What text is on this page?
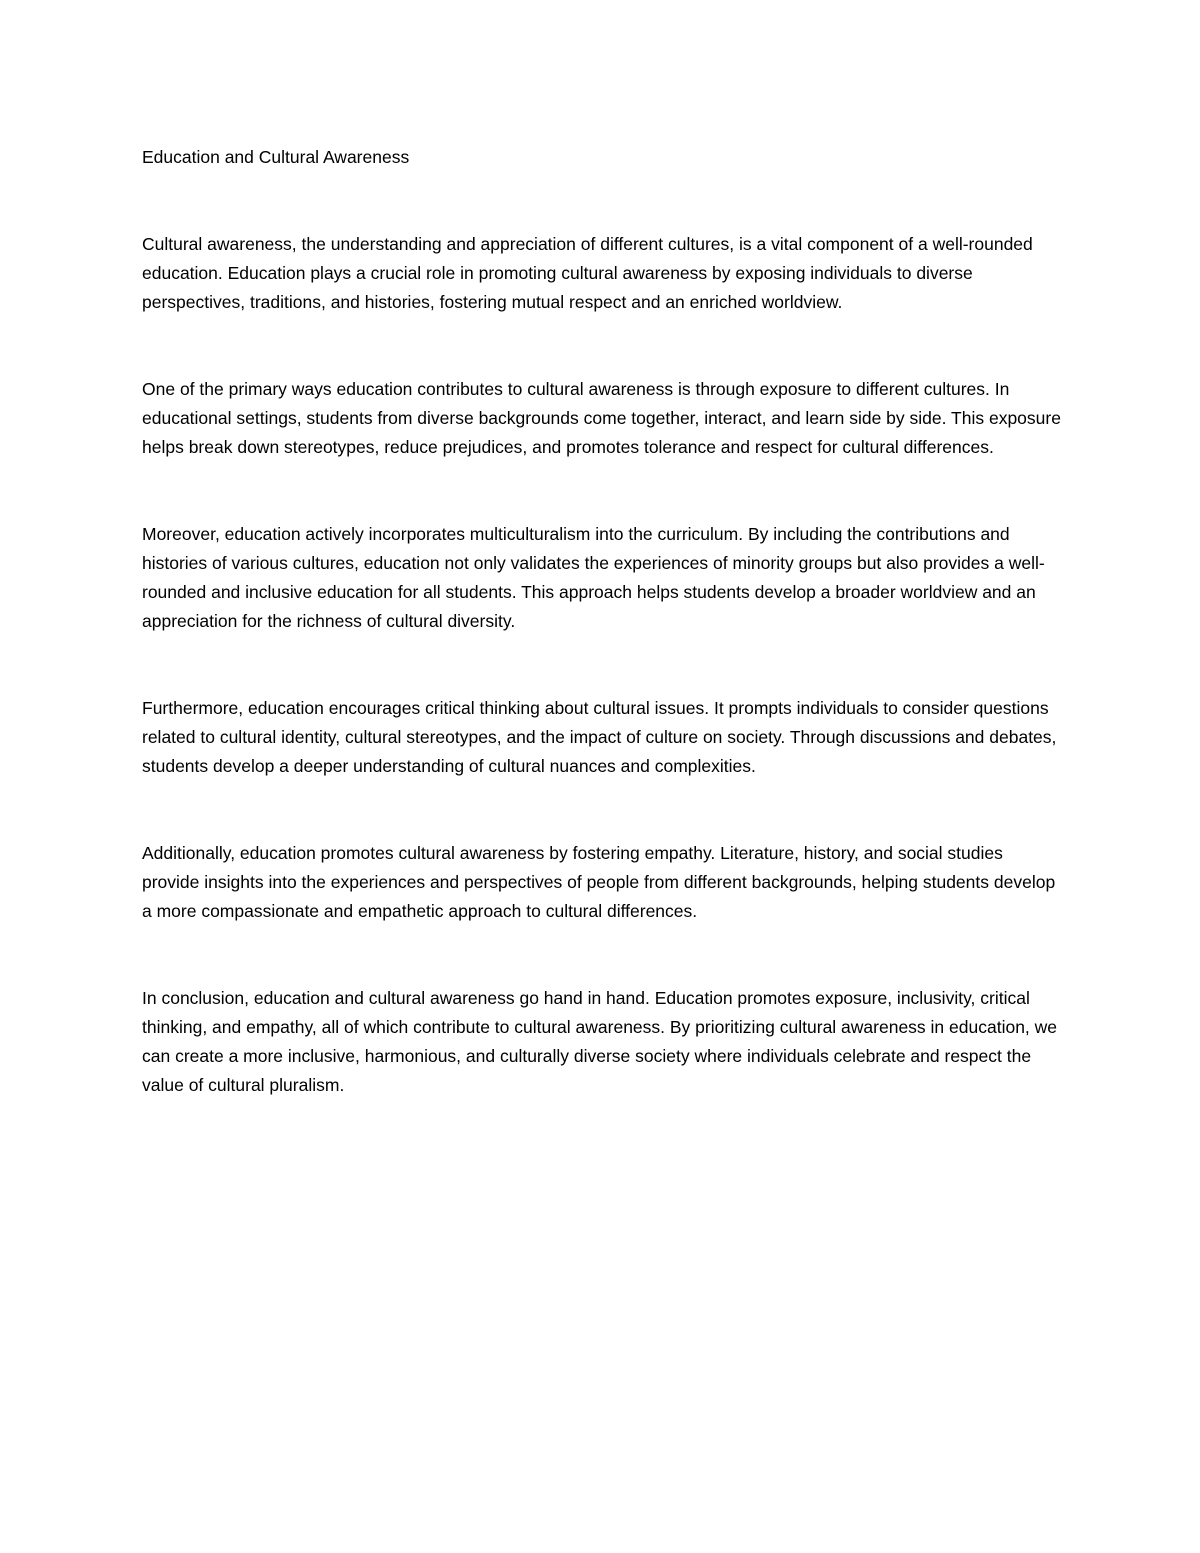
Education and Cultural Awareness

Cultural awareness, the understanding and appreciation of different cultures, is a vital component of a well-rounded education. Education plays a crucial role in promoting cultural awareness by exposing individuals to diverse perspectives, traditions, and histories, fostering mutual respect and an enriched worldview.

One of the primary ways education contributes to cultural awareness is through exposure to different cultures. In educational settings, students from diverse backgrounds come together, interact, and learn side by side. This exposure helps break down stereotypes, reduce prejudices, and promotes tolerance and respect for cultural differences.

Moreover, education actively incorporates multiculturalism into the curriculum. By including the contributions and histories of various cultures, education not only validates the experiences of minority groups but also provides a well-rounded and inclusive education for all students. This approach helps students develop a broader worldview and an appreciation for the richness of cultural diversity.

Furthermore, education encourages critical thinking about cultural issues. It prompts individuals to consider questions related to cultural identity, cultural stereotypes, and the impact of culture on society. Through discussions and debates, students develop a deeper understanding of cultural nuances and complexities.

Additionally, education promotes cultural awareness by fostering empathy. Literature, history, and social studies provide insights into the experiences and perspectives of people from different backgrounds, helping students develop a more compassionate and empathetic approach to cultural differences.

In conclusion, education and cultural awareness go hand in hand. Education promotes exposure, inclusivity, critical thinking, and empathy, all of which contribute to cultural awareness. By prioritizing cultural awareness in education, we can create a more inclusive, harmonious, and culturally diverse society where individuals celebrate and respect the value of cultural pluralism.
